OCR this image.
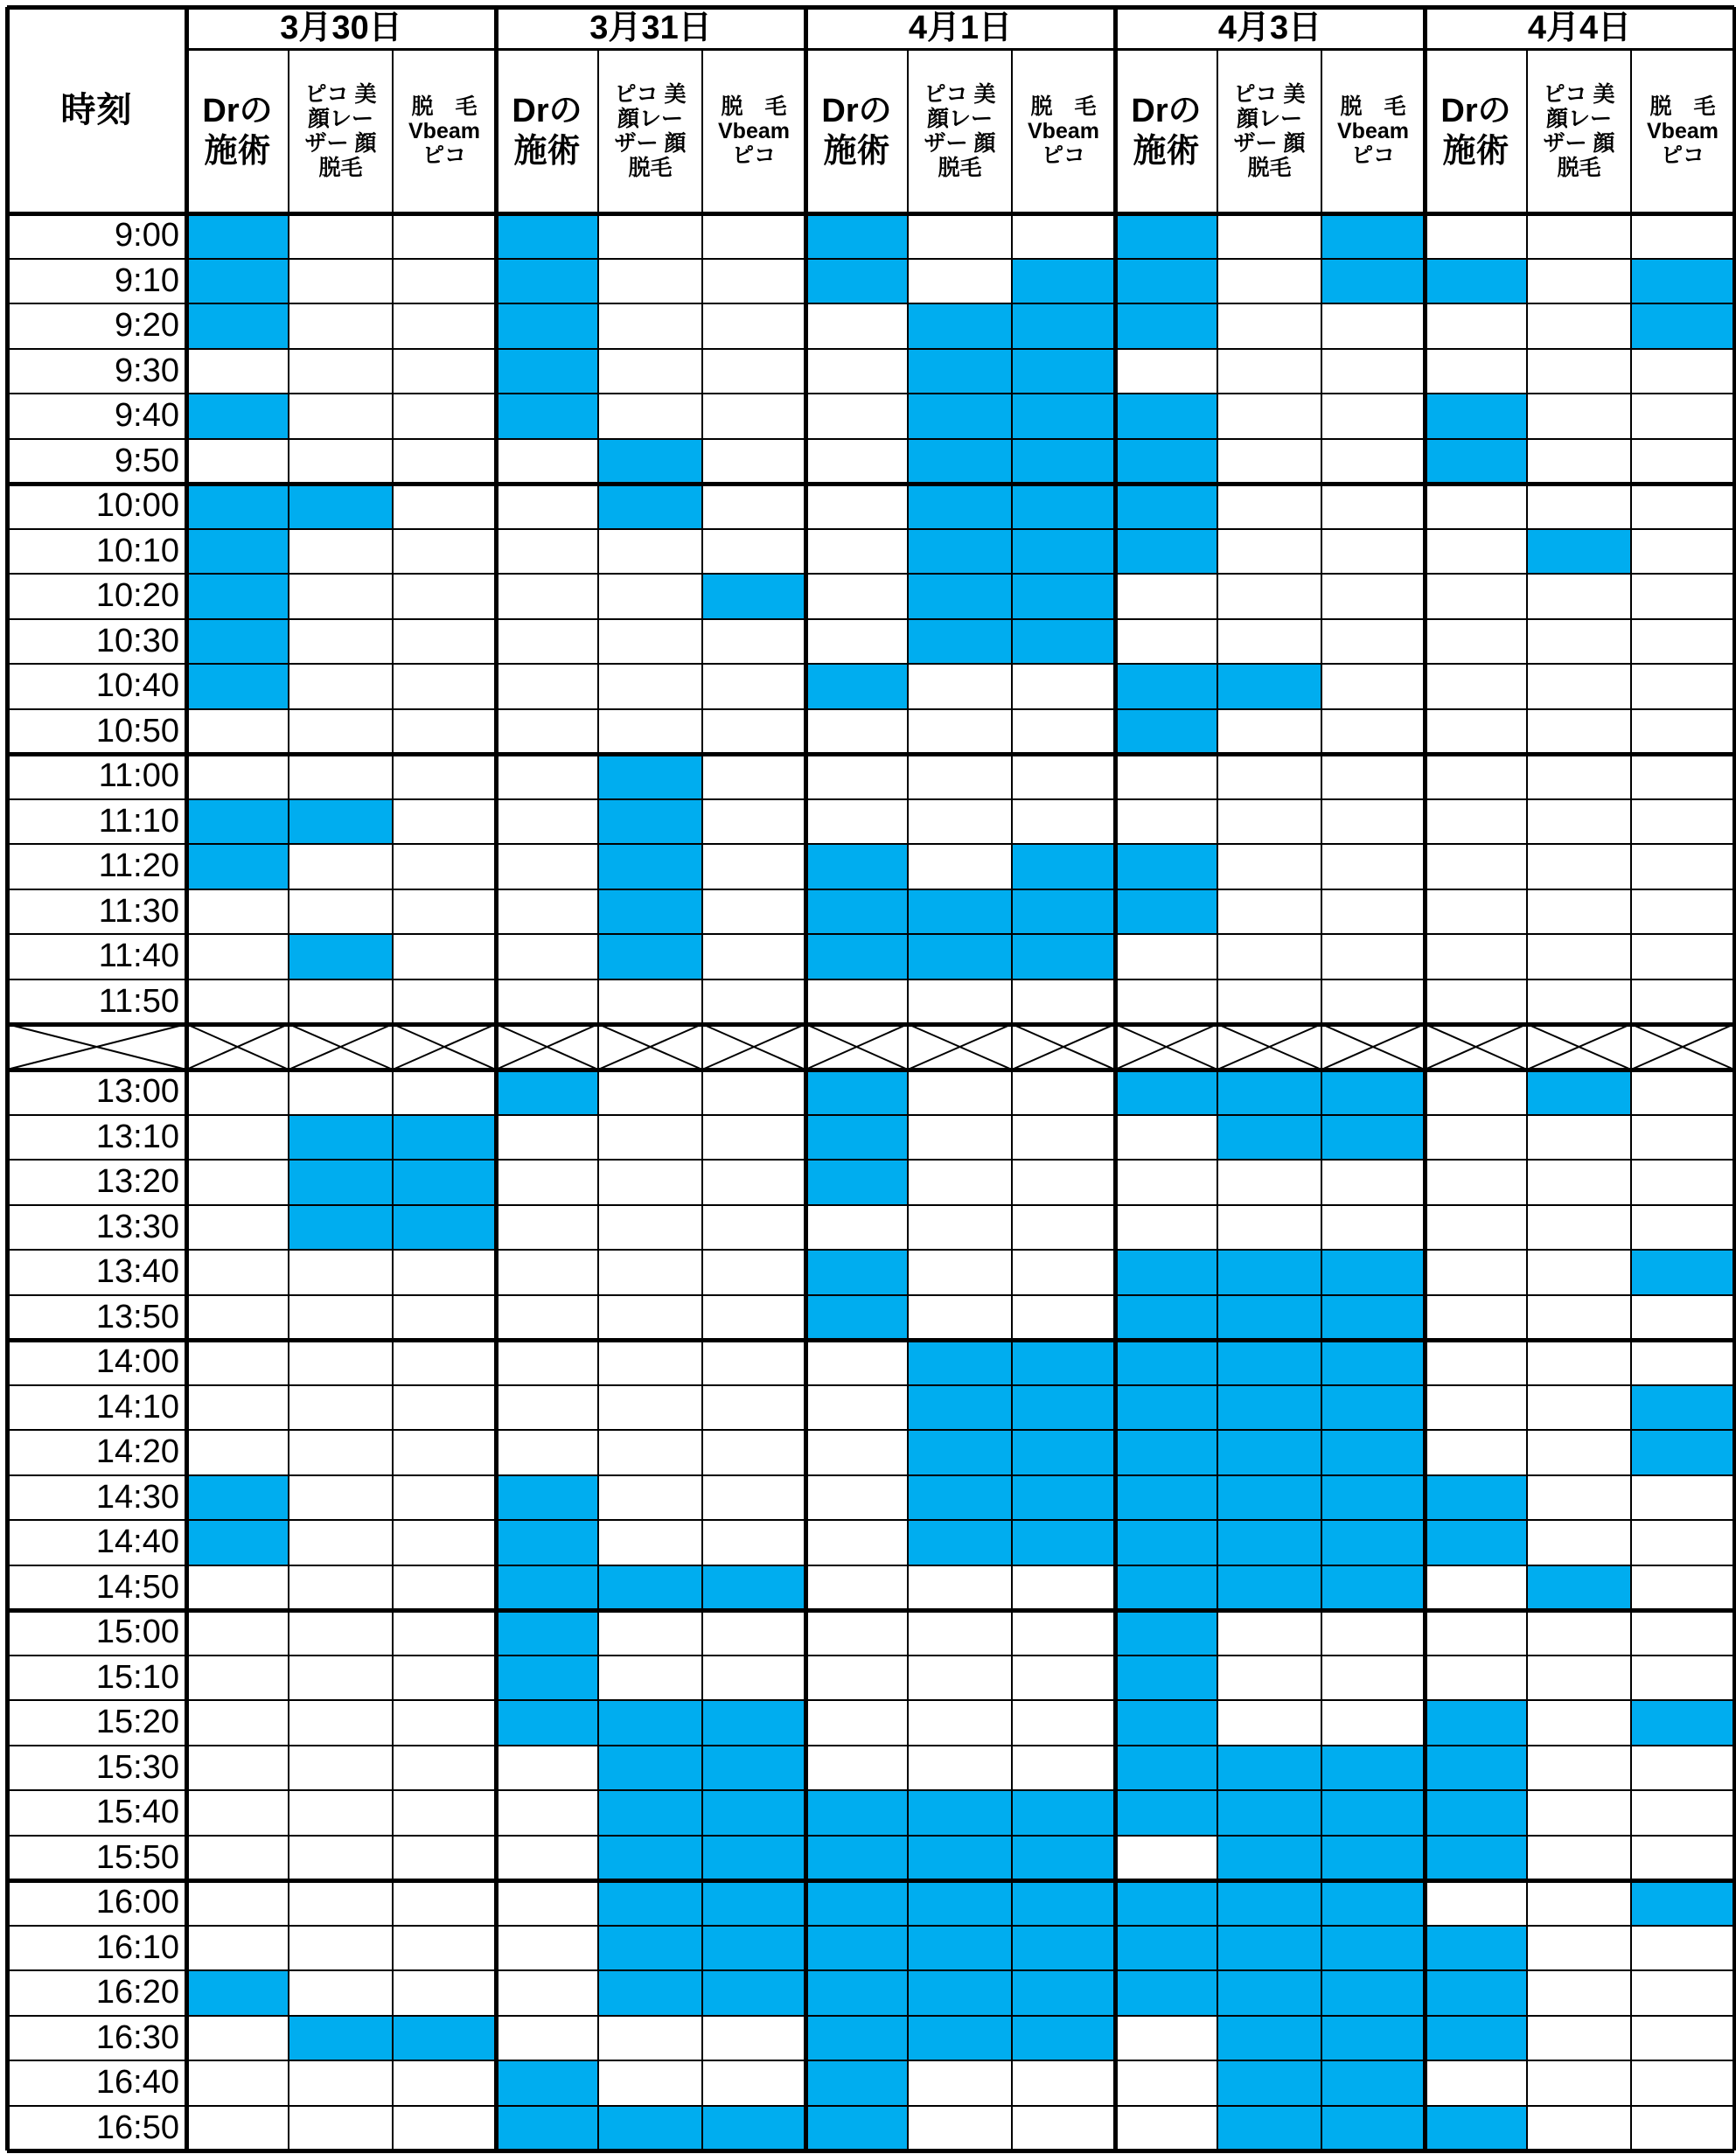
時刻
3月30日
Drの
施術
ピコ 美
顔レー
ザー 顔
脱毛
脱　毛
Vbeam
ピコ
3月31日
Drの
施術
ピコ 美
顔レー
ザー 顔
脱毛
脱　毛
Vbeam
ピコ
4月1日
Drの
施術
ピコ 美
顔レー
ザー 顔
脱毛
脱　毛
Vbeam
ピコ
4月3日
Drの
施術
ピコ 美
顔レー
ザー 顔
脱毛
脱　毛
Vbeam
ピコ
4月4日
Drの
施術
ピコ 美
顔レー
ザー 顔
脱毛
脱　毛
Vbeam
ピコ
9:00
9:10
9:20
9:30
9:40
9:50
10:00
10:10
10:20
10:30
10:40
10:50
11:00
11:10
11:20
11:30
11:40
11:50
13:00
13:10
13:20
13:30
13:40
13:50
14:00
14:10
14:20
14:30
14:40
14:50
15:00
15:10
15:20
15:30
15:40
15:50
16:00
16:10
16:20
16:30
16:40
16:50
